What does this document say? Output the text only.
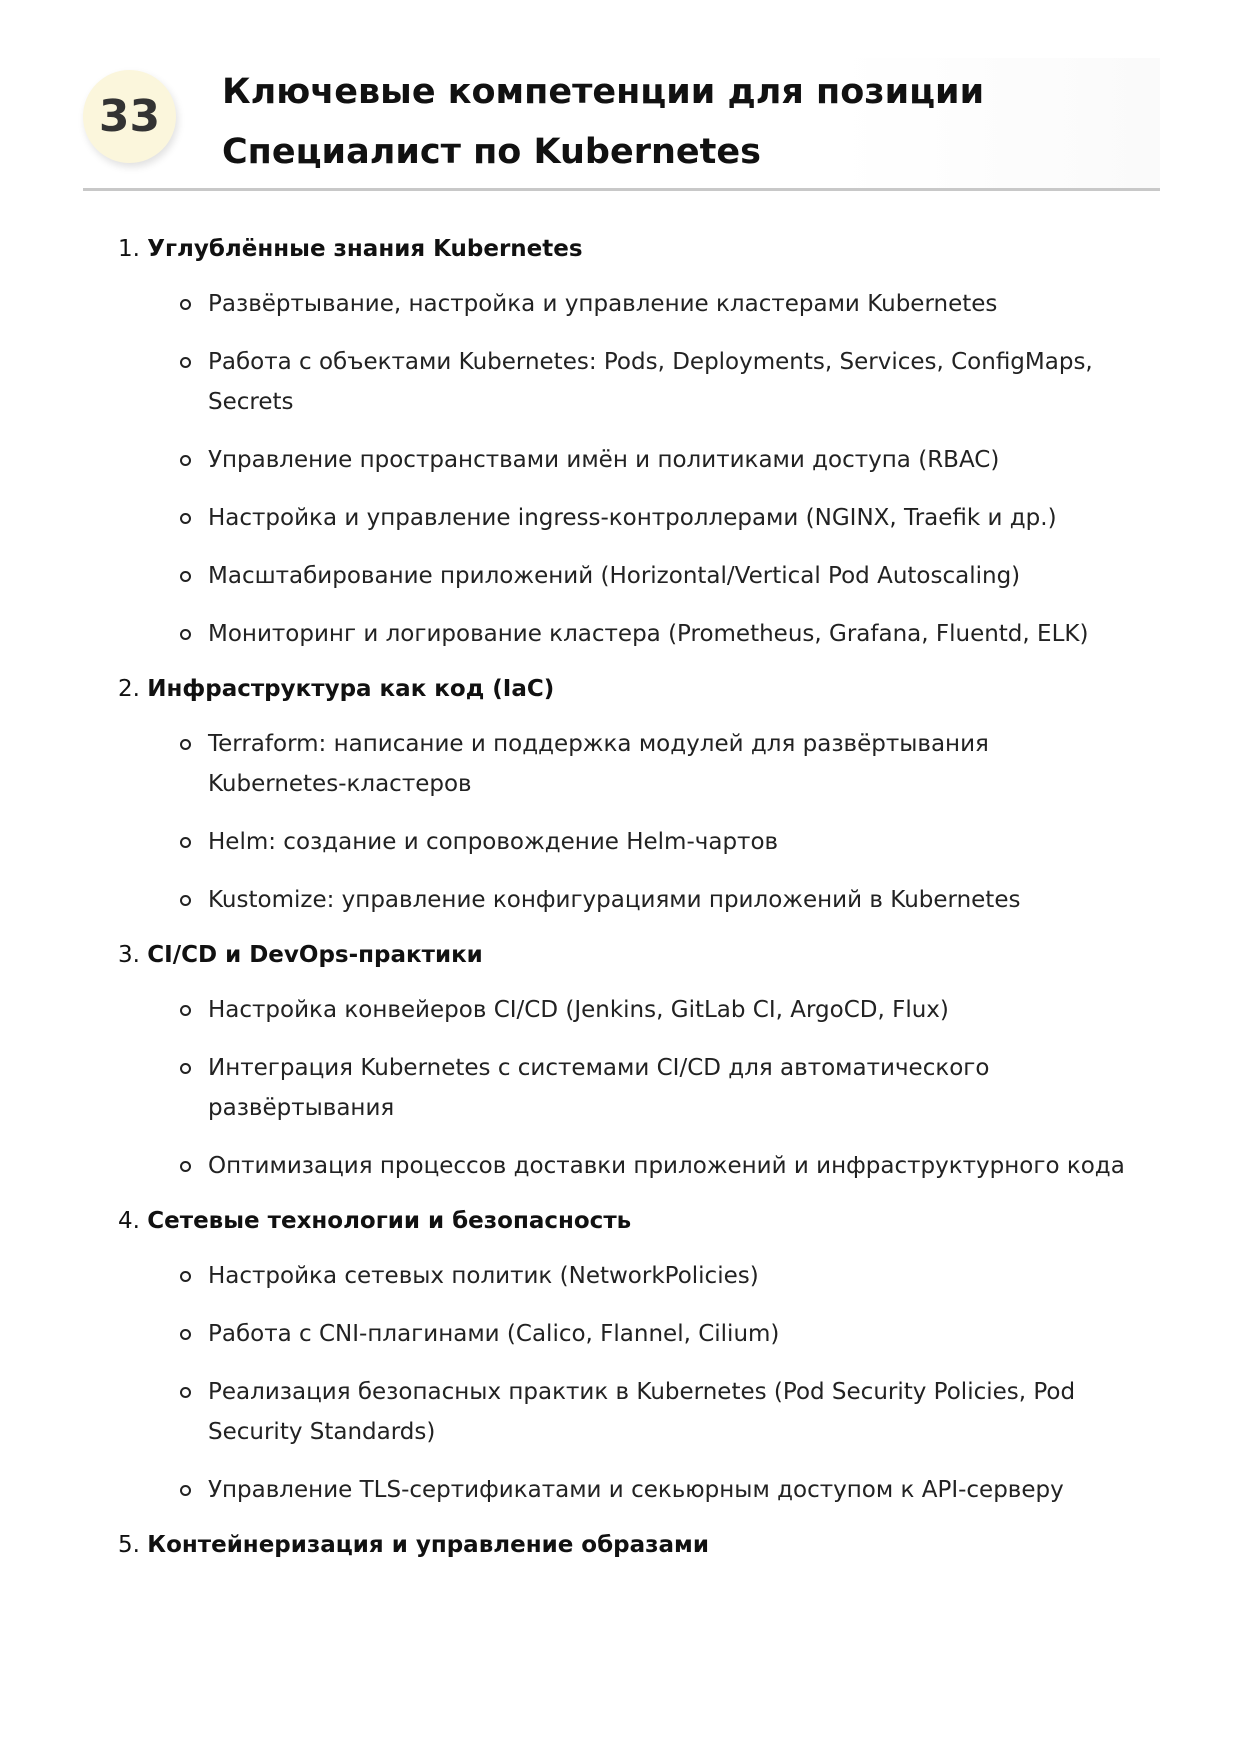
33	Ключевые компетенции для позиции Специалист по Kubernetes
1. Углублённые знания Kubernetes
Развёртывание, настройка и управление кластерами Kubernetes
Работа с объектами Kubernetes: Pods, Deployments, Services, ConfigMaps, Secrets
Управление пространствами имён и политиками доступа (RBAC)
Настройка и управление ingress-контроллерами (NGINX, Traefik и др.)
Масштабирование приложений (Horizontal/Vertical Pod Autoscaling)
Мониторинг и логирование кластера (Prometheus, Grafana, Fluentd, ELK)
2. Инфраструктура как код (IaC)
Terraform: написание и поддержка модулей для развёртывания Kubernetes-кластеров
Helm: создание и сопровождение Helm-чартов
Kustomize: управление конфигурациями приложений в Kubernetes
3. CI/CD и DevOps-практики
Настройка конвейеров CI/CD (Jenkins, GitLab CI, ArgoCD, Flux)
Интеграция Kubernetes с системами CI/CD для автоматического развёртывания
Оптимизация процессов доставки приложений и инфраструктурного кода
4. Сетевые технологии и безопасность
Настройка сетевых политик (NetworkPolicies)
Работа с CNI-плагинами (Calico, Flannel, Cilium)
Реализация безопасных практик в Kubernetes (Pod Security Policies, Pod Security Standards)
Управление TLS-сертификатами и секьюрным доступом к API-серверу
5. Контейнеризация и управление образами
